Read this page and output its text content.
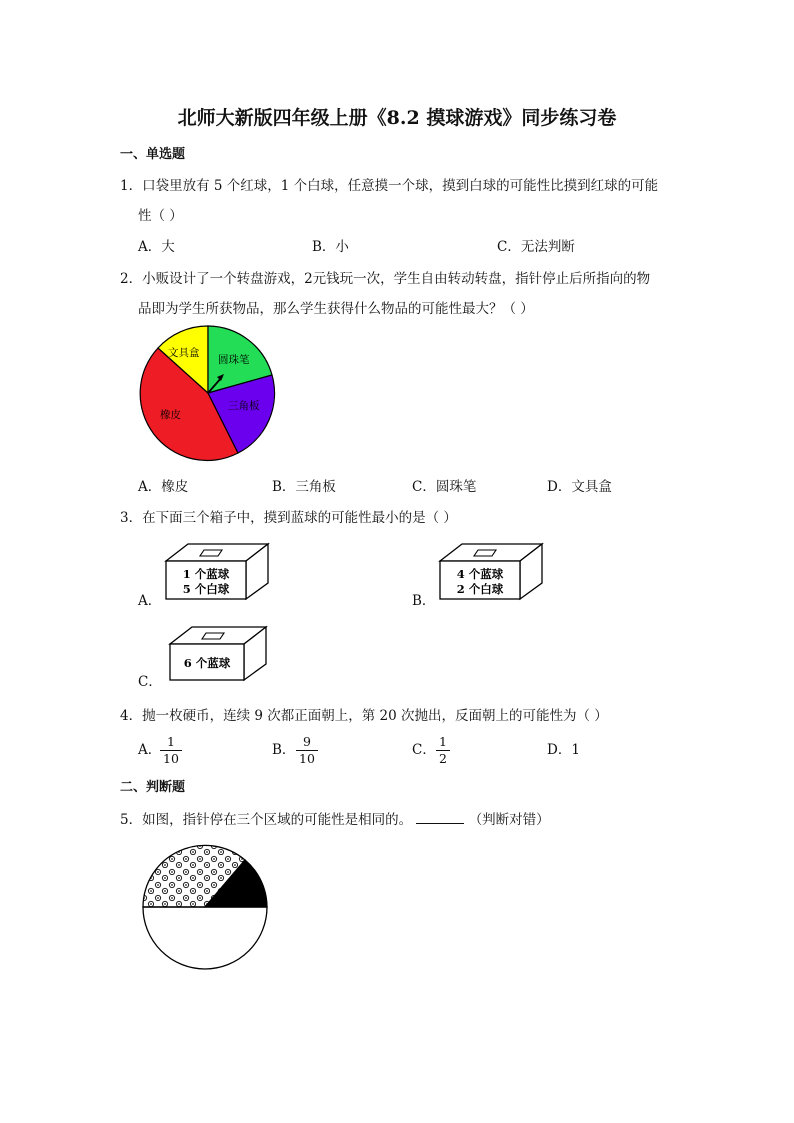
北师大新版四年级上册《8.2 摸球游戏》同步练习卷
一、单选题
1．口袋里放有 5 个红球，1 个白球，任意摸一个球，摸到白球的可能性比摸到红球的可能
性（ ）
A．大	B．小	C．无法判断
2．小贩设计了一个转盘游戏，2元钱玩一次，学生自由转动转盘，指针停止后所指向的物
品即为学生所获物品，那么学生获得什么物品的可能性最大？（ ）
文具盒
圆珠笔
三角板
橡皮
A．橡皮	B．三角板	C．圆珠笔	D．文具盒
3．在下面三个箱子中，摸到蓝球的可能性最小的是（ ）
A．
1 个蓝球
5 个白球
B．
4 个蓝球
2 个白球
C．
6 个蓝球
4．抛一枚硬币，连续 9 次都正面朝上，第 20 次抛出，反面朝上的可能性为（ ）
A．
1
10
B．
9
10
C．
1
2
D．1
二、判断题
5．如图，指针停在三个区域的可能性是相同的。	（判断对错）
